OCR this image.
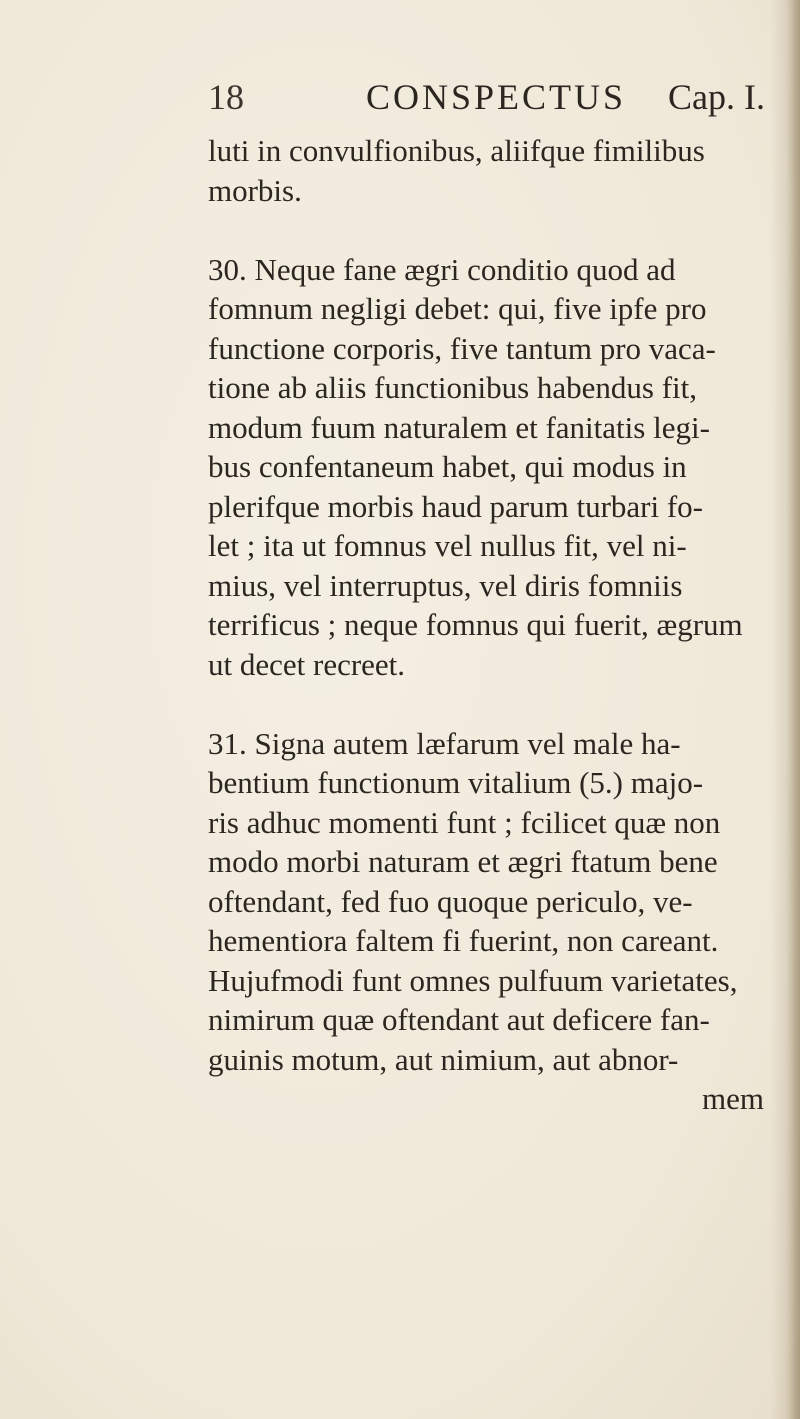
18	CONSPECTUS Cap. I.
luti in convulfionibus, aliifque fimilibus
morbis.
30. Neque fane ægri conditio quod ad
fomnum negligi debet: qui, five ipfe pro
functione corporis, five tantum pro vaca-
tione ab aliis functionibus habendus fit,
modum fuum naturalem et fanitatis legi-
bus confentaneum habet, qui modus in
plerifque morbis haud parum turbari fo-
let ; ita ut fomnus vel nullus fit, vel ni-
mius, vel interruptus, vel diris fomniis
terrificus ; neque fomnus qui fuerit, ægrum
ut decet recreet.
31. Signa autem læfarum vel male ha-
bentium functionum vitalium (5.) majo-
ris adhuc momenti funt ; fcilicet quæ non
modo morbi naturam et ægri ftatum bene
oftendant, fed fuo quoque periculo, ve-
hementiora faltem fi fuerint, non careant.
Hujufmodi funt omnes pulfuum varietates,
nimirum quæ oftendant aut deficere fan-
guinis motum, aut nimium, aut abnor-
mem
